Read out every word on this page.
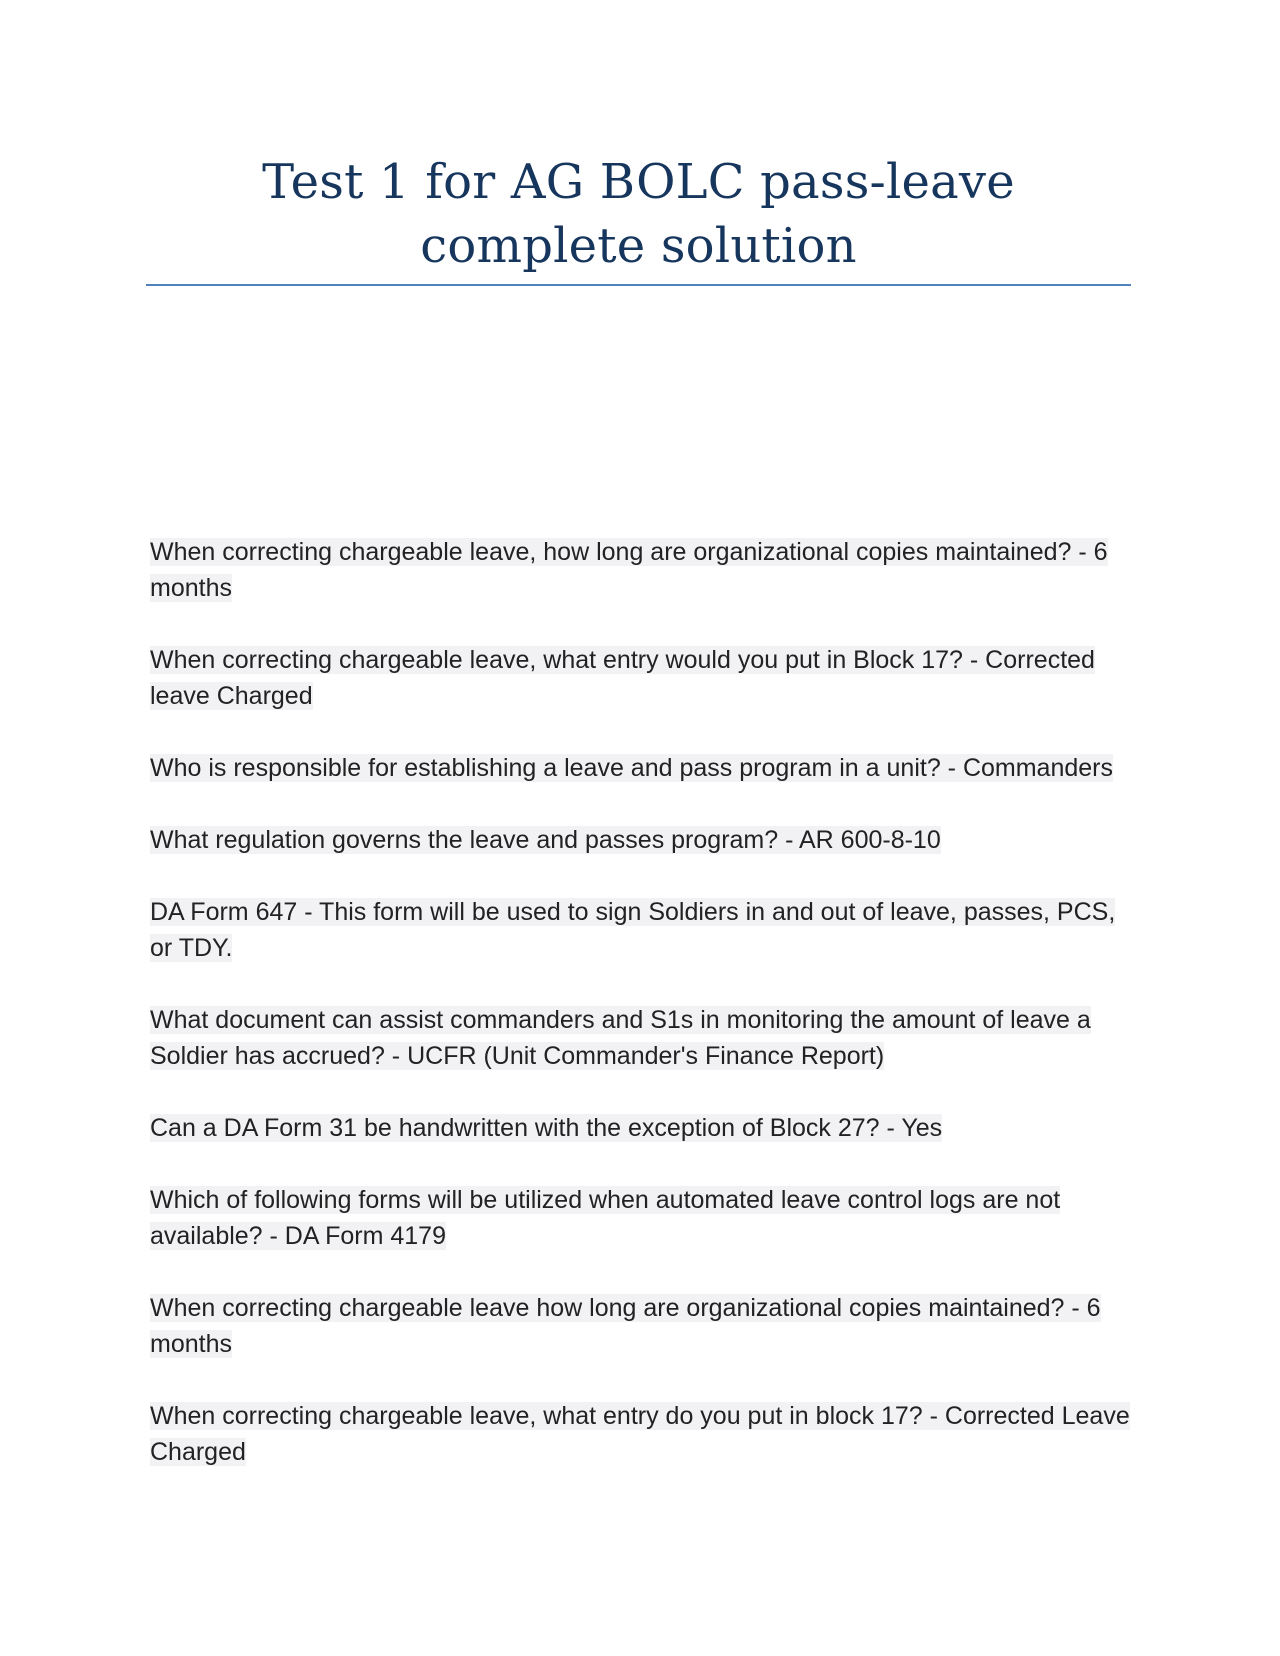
Test 1 for AG BOLC pass-leave complete solution
When correcting chargeable leave, how long are organizational copies maintained? - 6 months
When correcting chargeable leave, what entry would you put in Block 17? - Corrected leave Charged
Who is responsible for establishing a leave and pass program in a unit? - Commanders
What regulation governs the leave and passes program? - AR 600-8-10
DA Form 647 - This form will be used to sign Soldiers in and out of leave, passes, PCS, or TDY.
What document can assist commanders and S1s in monitoring the amount of leave a Soldier has accrued? - UCFR (Unit Commander's Finance Report)
Can a DA Form 31 be handwritten with the exception of Block 27? - Yes
Which of following forms will be utilized when automated leave control logs are not available? - DA Form 4179
When correcting chargeable leave how long are organizational copies maintained? - 6 months
When correcting chargeable leave, what entry do you put in block 17? - Corrected Leave Charged
